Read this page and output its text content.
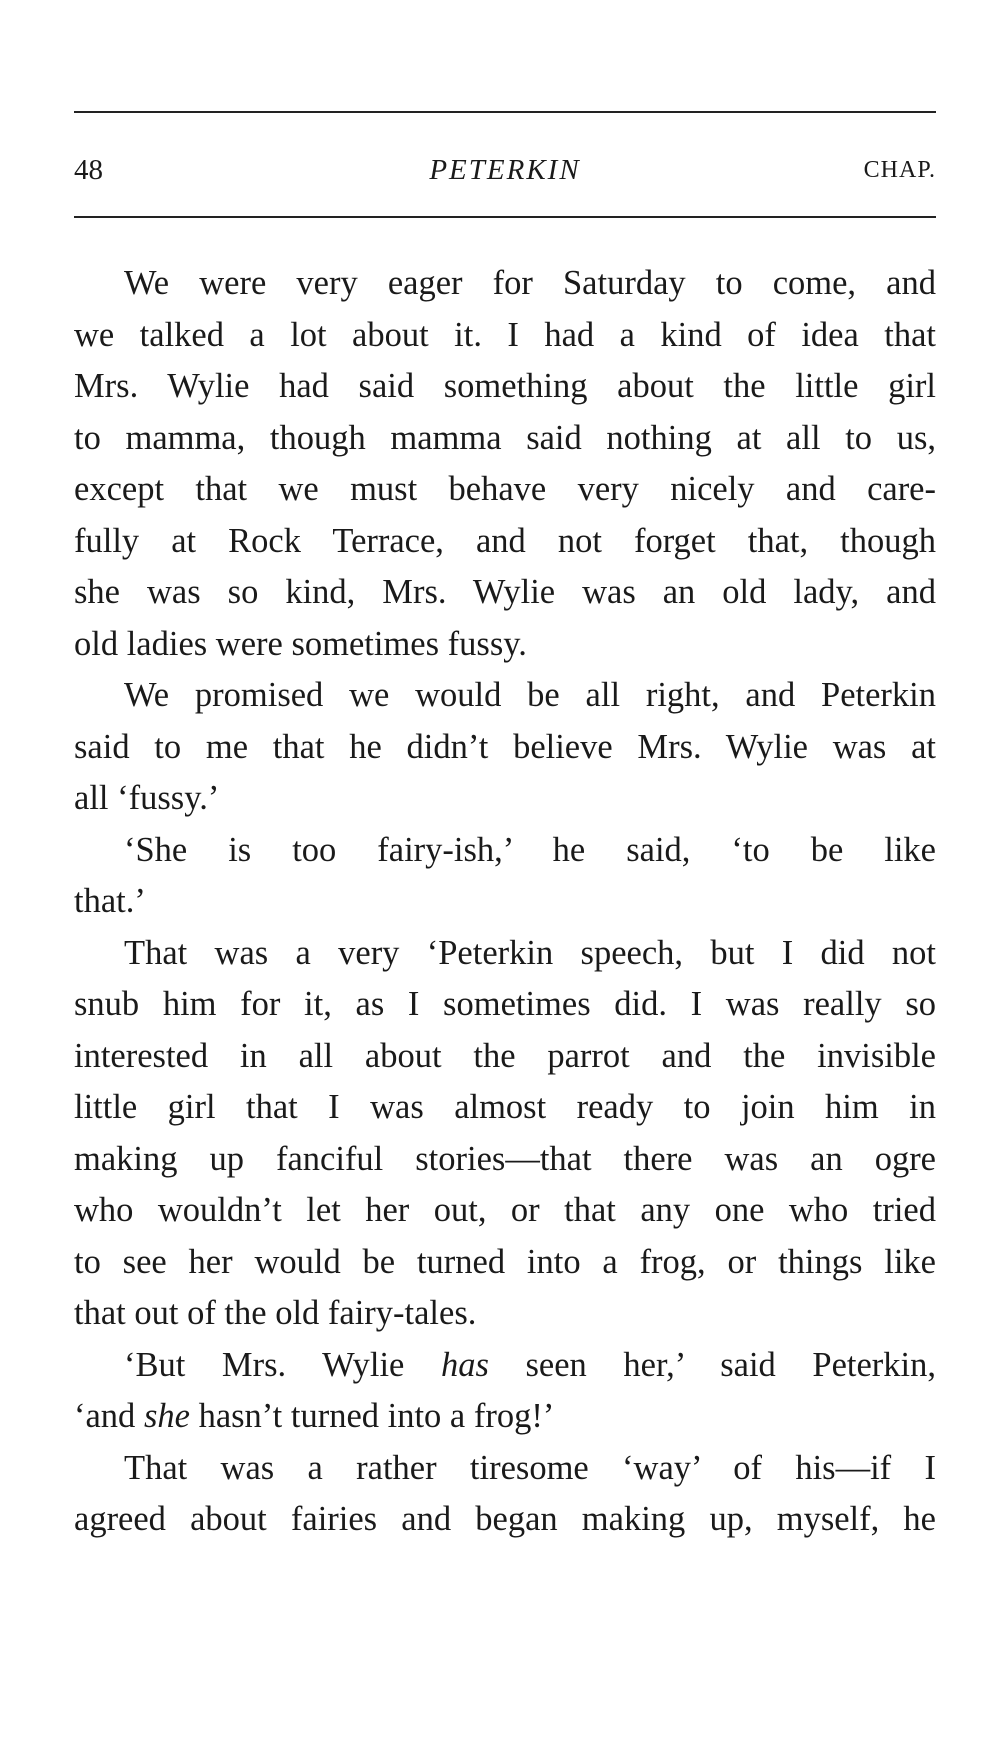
48	PETERKIN	CHAP.
We were very eager for Saturday to come, and
we talked a lot about it. I had a kind of idea that
Mrs. Wylie had said something about the little girl
to mamma, though mamma said nothing at all to us,
except that we must behave very nicely and care-
fully at Rock Terrace, and not forget that, though
she was so kind, Mrs. Wylie was an old lady, and
old ladies were sometimes fussy.
We promised we would be all right, and Peterkin
said to me that he didn’t believe Mrs. Wylie was at
all ‘fussy.’
‘She is too fairy-ish,’ he said, ‘to be like
that.’
That was a very ‘Peterkin speech, but I did not
snub him for it, as I sometimes did. I was really so
interested in all about the parrot and the invisible
little girl that I was almost ready to join him in
making up fanciful stories—that there was an ogre
who wouldn’t let her out, or that any one who tried
to see her would be turned into a frog, or things like
that out of the old fairy-tales.
‘But Mrs. Wylie has seen her,’ said Peterkin,
‘and she hasn’t turned into a frog!’
That was a rather tiresome ‘way’ of his—if I
agreed about fairies and began making up, myself, he
